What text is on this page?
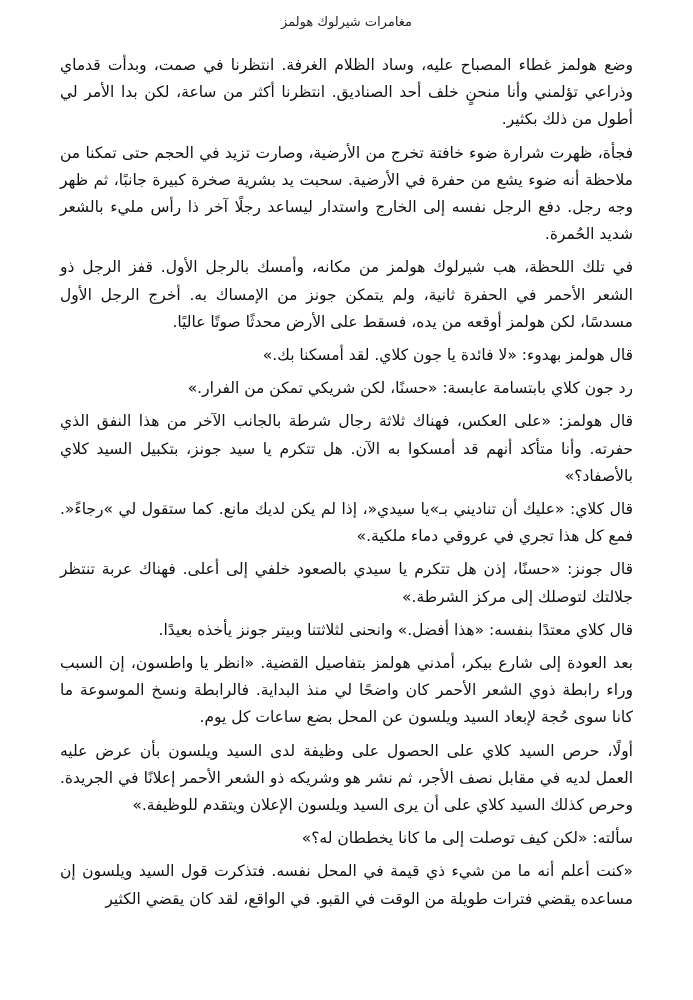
مغامرات شيرلوك هولمز

وضع هولمز غطاء المصباح عليه، وساد الظلام الغرفة. انتظرنا في صمت، وبدأت قدماي وذراعي تؤلمني وأنا منحنٍ خلف أحد الصناديق. انتظرنا أكثر من ساعة، لكن بدا الأمر لي أطول من ذلك بكثير.

فجأة، ظهرت شرارة ضوء خافتة تخرج من الأرضية، وصارت تزيد في الحجم حتى تمكنا من ملاحظة أنه ضوء يشع من حفرة في الأرضية. سحبت يد بشرية صخرة كبيرة جانبًا، ثم ظهر وجه رجل. دفع الرجل نفسه إلى الخارج واستدار ليساعد رجلًا آخر ذا رأس مليء بالشعر شديد الحُمرة.

في تلك اللحظة، هب شيرلوك هولمز من مكانه، وأمسك بالرجل الأول. قفز الرجل ذو الشعر الأحمر في الحفرة ثانية، ولم يتمكن جونز من الإمساك به. أخرج الرجل الأول مسدسًا، لكن هولمز أوقعه من يده، فسقط على الأرض محدثًا صوتًا عاليًا.

قال هولمز بهدوء: «لا فائدة يا جون كلاي. لقد أمسكنا بك.»

رد جون كلاي بابتسامة عابسة: «حسنًا، لكن شريكي تمكن من الفرار.»

قال هولمز: «على العكس، فهناك ثلاثة رجال شرطة بالجانب الآخر من هذا النفق الذي حفرته. وأنا متأكد أنهم قد أمسكوا به الآن. هل تتكرم يا سيد جونز، بتكبيل السيد كلاي بالأصفاد؟»

قال كلاي: «عليك أن تناديني بـ»يا سيدي«، إذا لم يكن لديك مانع. كما ستقول لي »رجاءً«. فمع كل هذا تجري في عروقي دماء ملكية.»

قال جونز: «حسنًا، إذن هل تتكرم يا سيدي بالصعود خلفي إلى أعلى. فهناك عربة تنتظر جلالتك لتوصلك إلى مركز الشرطة.»

قال كلاي معتدًا بنفسه: «هذا أفضل.» وانحنى لثلاثتنا وبيتر جونز يأخذه بعيدًا.

بعد العودة إلى شارع بيكر، أمدني هولمز بتفاصيل القضية. «انظر يا واطسون، إن السبب وراء رابطة ذوي الشعر الأحمر كان واضحًا لي منذ البداية. فالرابطة ونسخ الموسوعة ما كانا سوى حُجة لإبعاد السيد ويلسون عن المحل بضع ساعات كل يوم.

أولًا، حرص السيد كلاي على الحصول على وظيفة لدى السيد ويلسون بأن عرض عليه العمل لديه في مقابل نصف الأجر، ثم نشر هو وشريكه ذو الشعر الأحمر إعلانًا في الجريدة. وحرص كذلك السيد كلاي على أن يرى السيد ويلسون الإعلان ويتقدم للوظيفة.»

سألته: «لكن كيف توصلت إلى ما كانا يخططان له؟»

«كنت أعلم أنه ما من شيء ذي قيمة في المحل نفسه. فتذكرت قول السيد ويلسون إن مساعده يقضي فترات طويلة من الوقت في القبو. في الواقع، لقد كان يقضي الكثير
